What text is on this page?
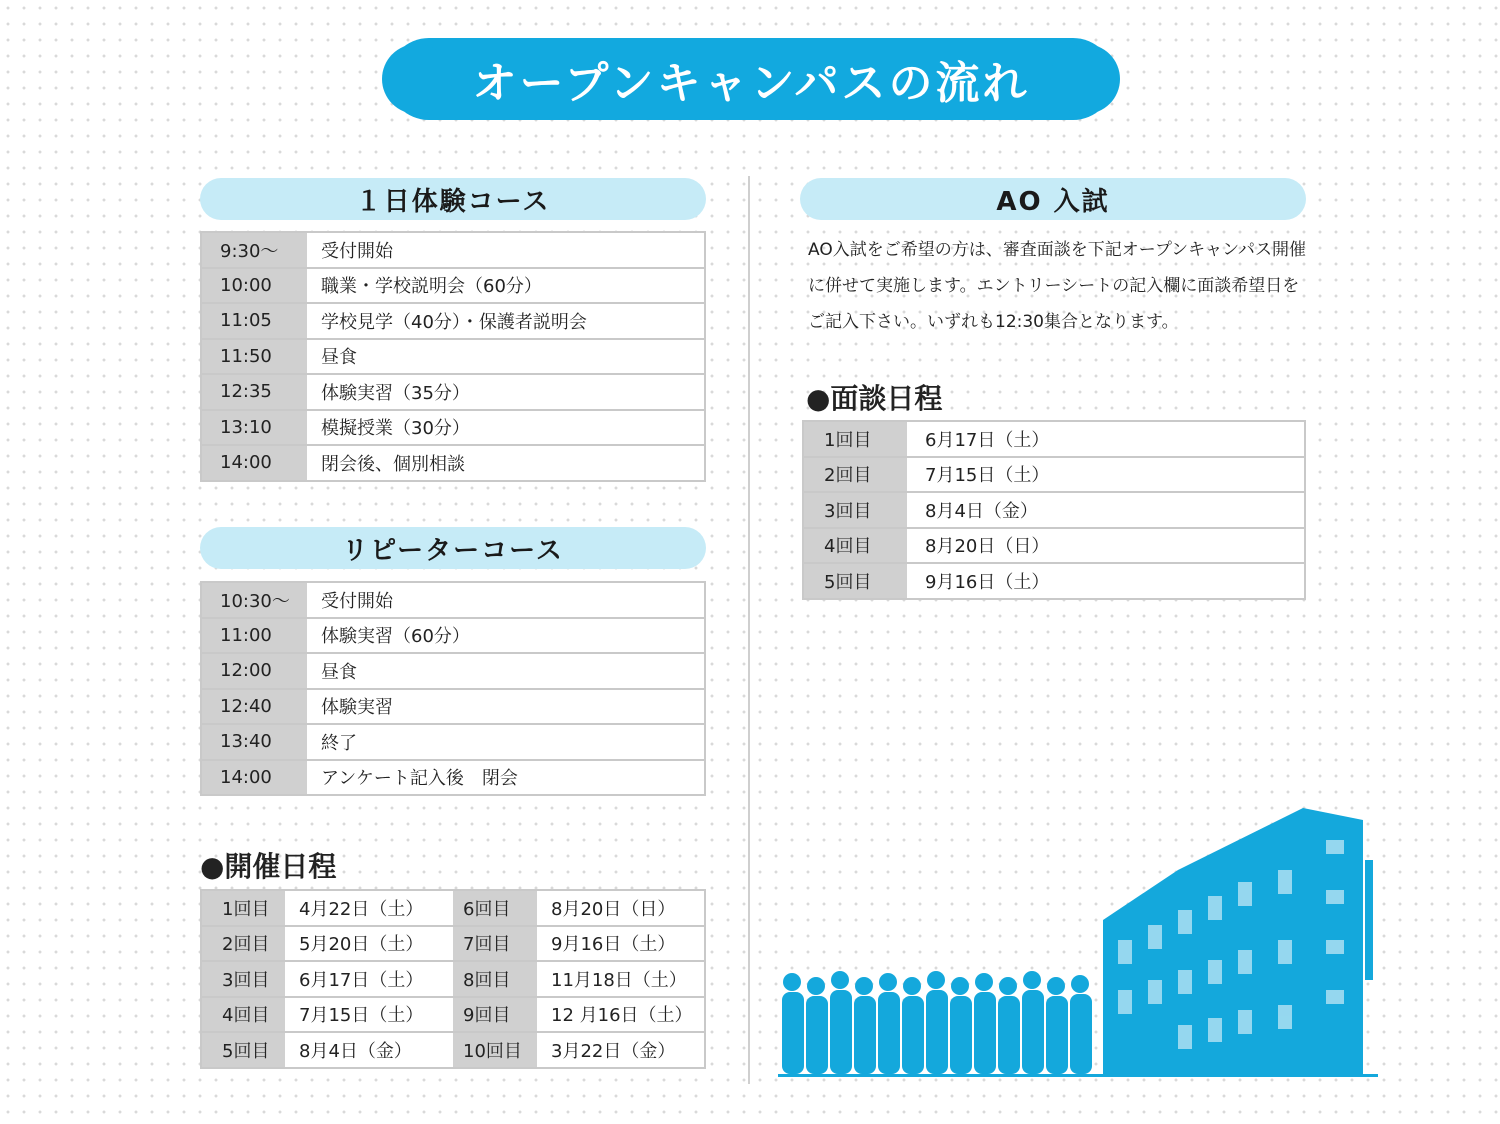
オープンキャンパスの流れ
１日体験コース
9:30〜	受付開始
10:00	職業・学校説明会（60分）
11:05	学校見学（40分）・保護者説明会
11:50	昼食
12:35	体験実習（35分）
13:10	模擬授業（30分）
14:00	閉会後、個別相談
リピーターコース
10:30〜	受付開始
11:00	体験実習（60分）
12:00	昼食
12:40	体験実習
13:40	終了
14:00	アンケート記入後　閉会
●開催日程
1回目	4月22日（土）	6回目	8月20日（日）
2回目	5月20日（土）	7回目	9月16日（土）
3回目	6月17日（土）	8回目	11月18日（土）
4回目	7月15日（土）	9回目	12 月16日（土）
5回目	8月4日（金）	10回目	3月22日（金）
AO 入試
AO入試をご希望の方は、審査面談を下記オープンキャンパス開催に併せて実施します。エントリーシートの記入欄に面談希望日をご記入下さい。いずれも12:30集合となります。
●面談日程
1回目	6月17日（土）
2回目	7月15日（土）
3回目	8月4日（金）
4回目	8月20日（日）
5回目	9月16日（土）
